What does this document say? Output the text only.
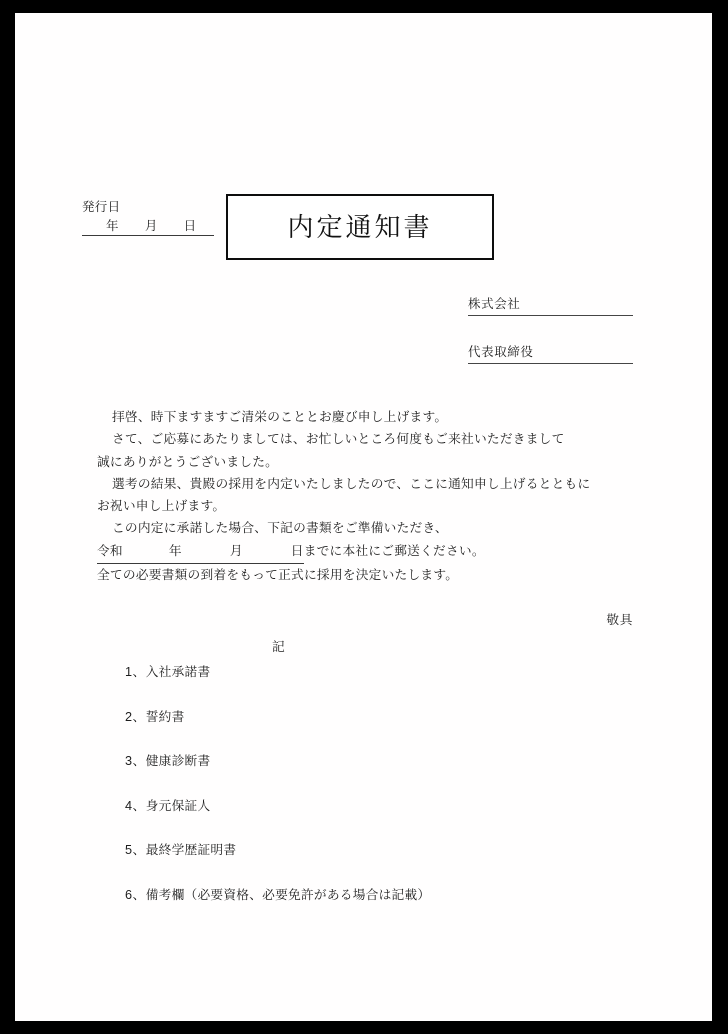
発行日
年 月 日	内定通知書
株式会社
代表取締役
拝啓、時下ますますご清栄のこととお慶び申し上げます。
さて、ご応募にあたりましては、お忙しいところ何度もご来社いただきまして
誠にありがとうございました。
選考の結果、貴殿の採用を内定いたしましたので、ここに通知申し上げるとともに
お祝い申し上げます。
この内定に承諾した場合、下記の書類をご準備いただき、
令和	年	月	日までに本社にご郵送ください。
全ての必要書類の到着をもって正式に採用を決定いたします。
敬具
記
1、入社承諾書
2、誓約書
3、健康診断書
4、身元保証人
5、最終学歴証明書
6、備考欄（必要資格、必要免許がある場合は記載）
